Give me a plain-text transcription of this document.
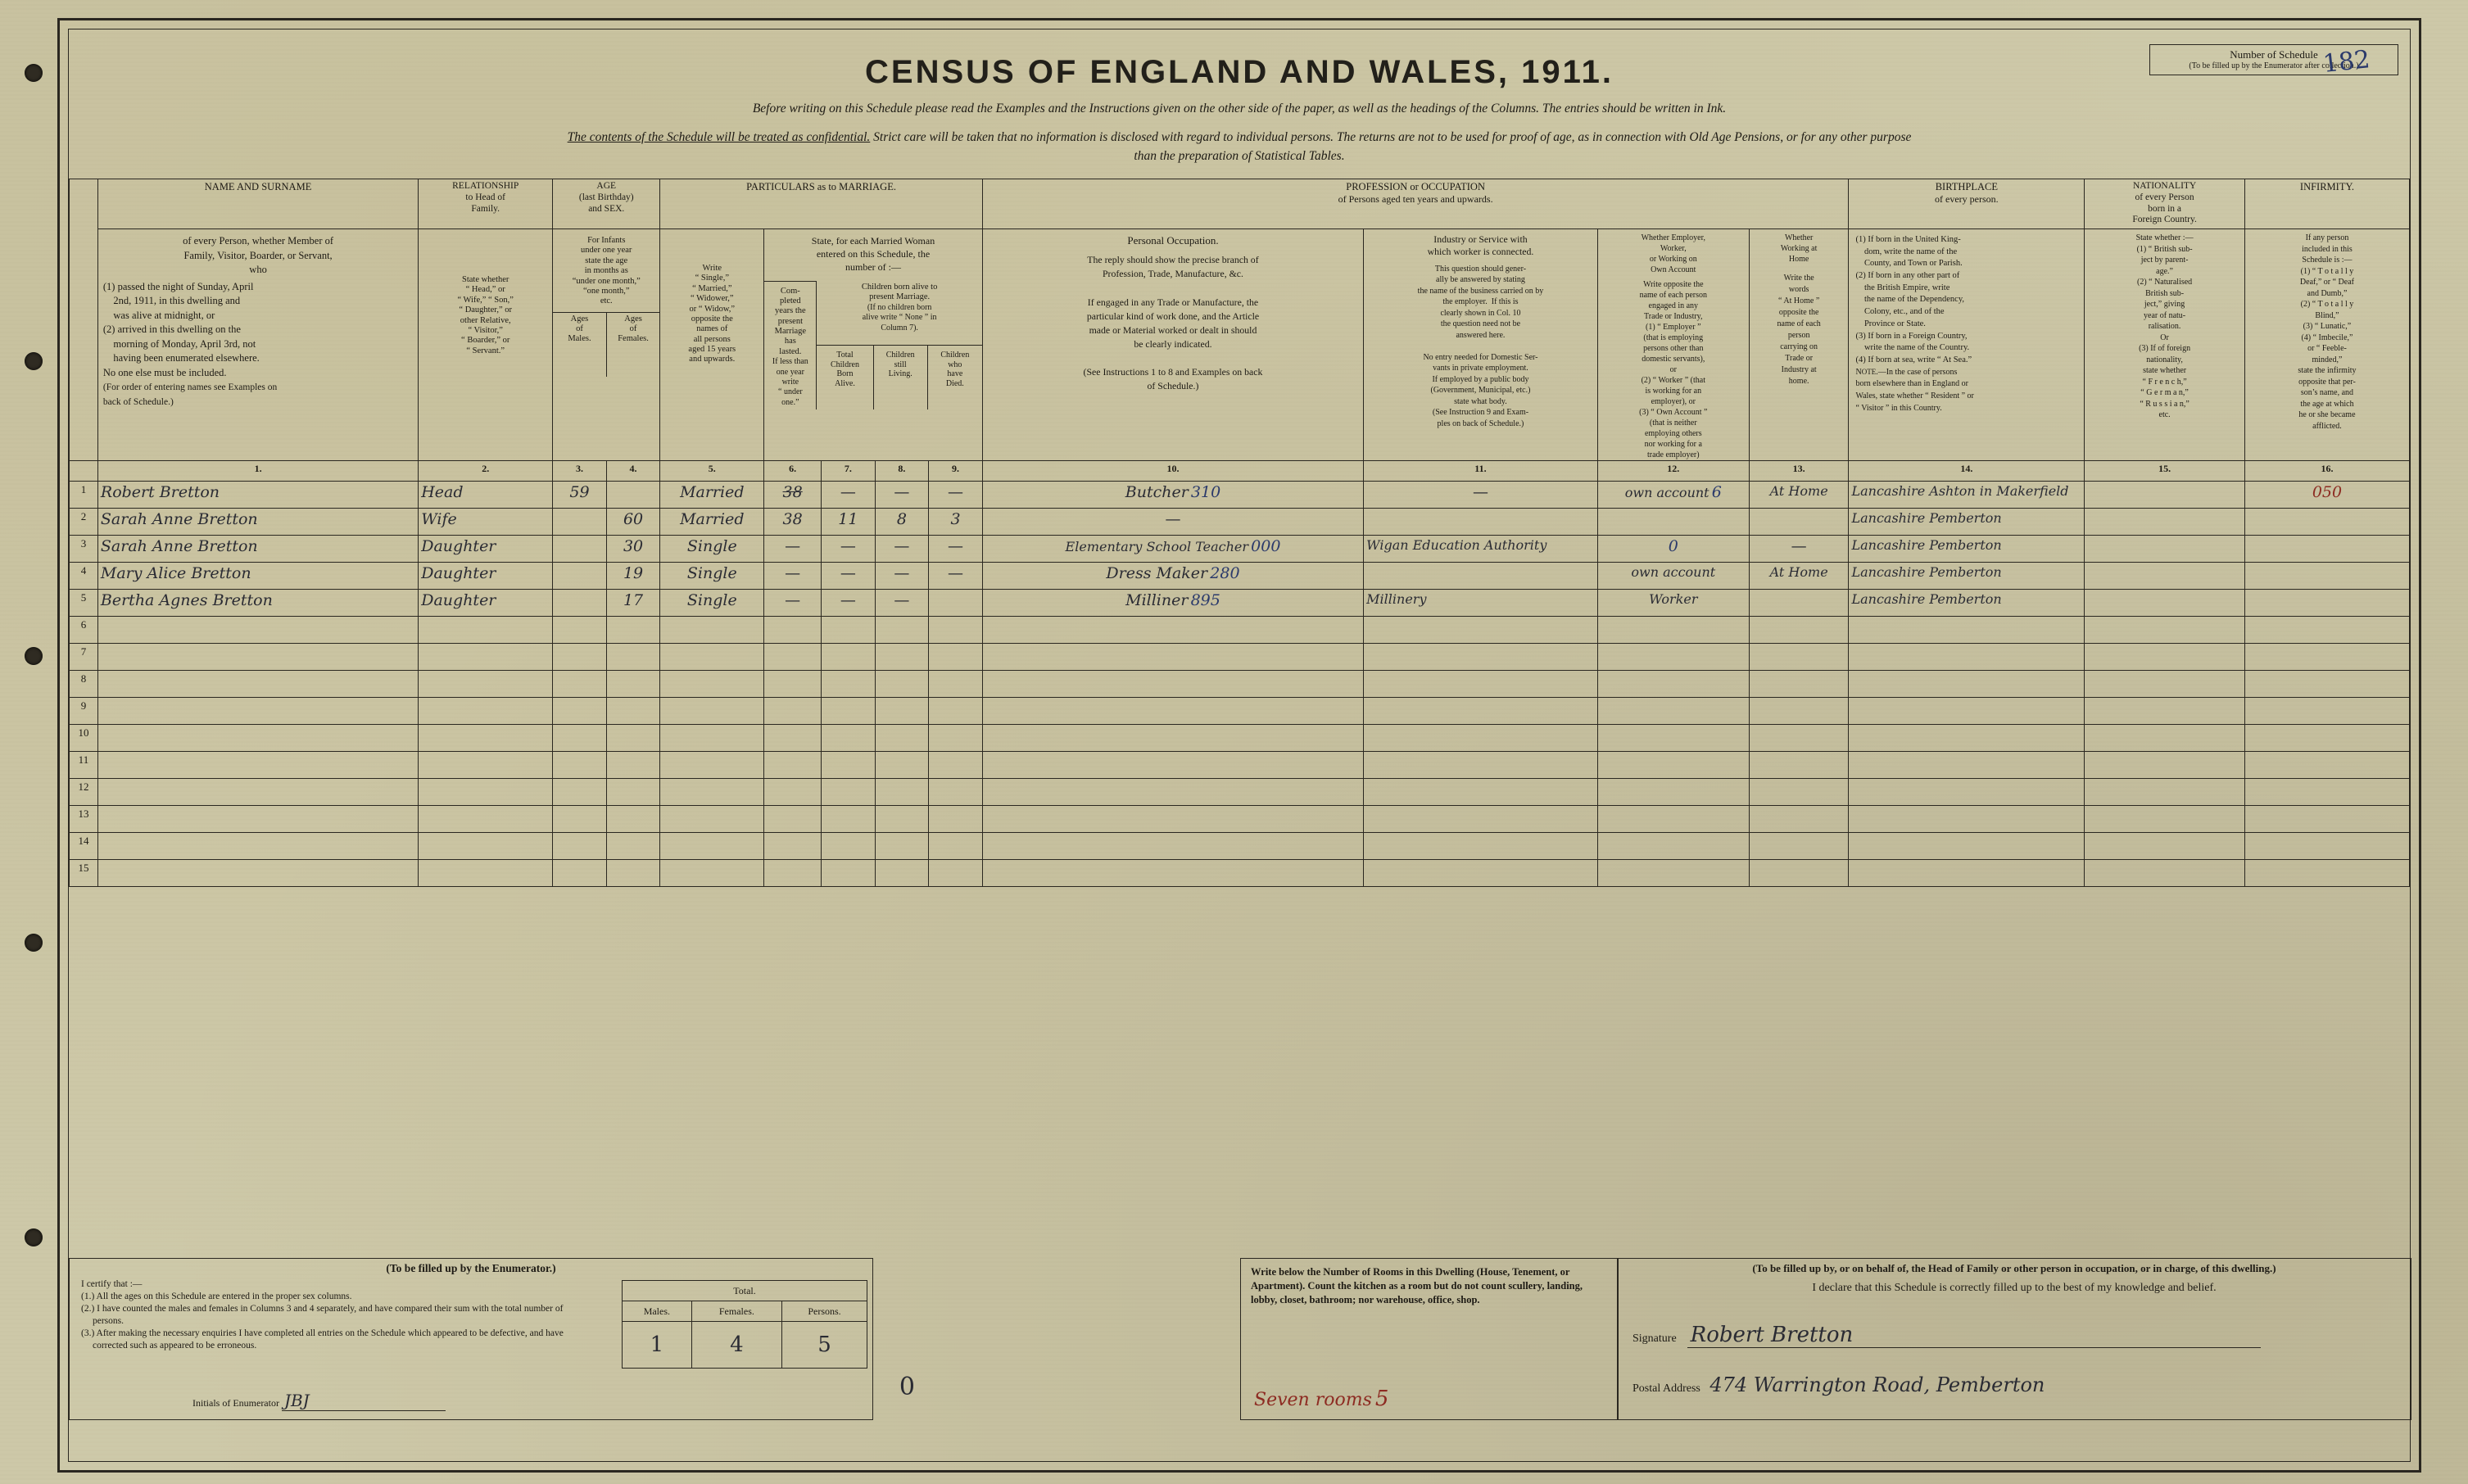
CENSUS OF ENGLAND AND WALES, 1911.
Before writing on this Schedule please read the Examples and the Instructions given on the other side of the paper, as well as the headings of the Columns. The entries should be written in Ink.
The contents of the Schedule will be treated as confidential. Strict care will be taken that no information is disclosed with regard to individual persons. The returns are not to be used for proof of age, as in connection with Old Age Pensions, or for any other purpose
than the preparation of Statistical Tables.
Number of Schedule
(To be filled up by the Enumerator after collection.)
182
	NAME AND SURNAME	RELATIONSHIP
to Head of
Family.	AGE
(last Birthday)
and SEX.	PARTICULARS as to MARRIAGE.	PROFESSION or OCCUPATION
of Persons aged ten years and upwards.	BIRTHPLACE
of every person.	NATIONALITY
of every Person
born in a
Foreign Country.	INFIRMITY.

of every Person, whether Member of
Family, Visitor, Boarder, or Servant,
who
(1) passed the night of Sunday, April
2nd, 1911, in this dwelling and
was alive at midnight, or
(2) arrived in this dwelling on the
morning of Monday, April 3rd, not
having been enumerated elsewhere.
No one else must be included.
(For order of entering names see Examples on
back of Schedule.)
	State whether
“ Head,” or
“ Wife,” “ Son,”
“ Daughter,” or
other Relative,
“ Visitor,”
“ Boarder,” or
“ Servant.”	
For Infants
under one year
state the age
in months as
“under one month,”
“one month,”
etc.
Ages
of
Males.	Ages
of
Females.
	Write
“ Single,”
“ Married,”
“ Widower,”
or “ Widow,”
opposite the
names of
all persons
aged 15 years
and upwards.	
State, for each Married Woman
entered on this Schedule, the
number of :—
Com-
pleted
years the
present
Marriage
has
lasted.
If less than
one year
write
“ under
one.”	Children born alive to
present Marriage.
(If no children born
alive write “ None ” in
Column 7).
Total
Children
Born
Alive.	Children
still
Living.	Children
who
have
Died.

Personal Occupation.
The reply should show the precise branch of
Profession, Trade, Manufacture, &c.

If engaged in any Trade or Manufacture, the
particular kind of work done, and the Article
made or Material worked or dealt in should
be clearly indicated.

(See Instructions 1 to 8 and Examples on back
of Schedule.)

Industry or Service with
which worker is connected.
This question should gener-
ally be answered by stating
the name of the business carried on by
the employer.  If this is
clearly shown in Col. 10
the question need not be
answered here.

No entry needed for Domestic Ser-
vants in private employment.
If employed by a public body
(Government, Municipal, etc.)
state what body.
(See Instruction 9 and Exam-
ples on back of Schedule.)

Whether Employer,
Worker,
or Working on
Own Account
Write opposite the
name of each person
engaged in any
Trade or Industry,
(1) “ Employer ”
(that is employing
persons other than
domestic servants),
or
(2) “ Worker ” (that
is working for an
employer), or
(3) “ Own Account ”
(that is neither
employing others
nor working for a
trade employer)

Whether
Working at
Home
Write the
words
“ At Home ”
opposite the
name of each
person
carrying on
Trade or
Industry at
home.
	(1) If born in the United King-
dom, write the name of the
County, and Town or Parish.
(2) If born in any other part of
the British Empire, write
the name of the Dependency,
Colony, etc., and of the
Province or State.
(3) If born in a Foreign Country,
write the name of the Country.
(4) If born at sea, write “ At Sea.”
NOTE.—In the case of persons
born elsewhere than in England or
Wales, state whether “ Resident ” or
“ Visitor ” in this Country.	State whether :—
(1) “ British sub-
ject by parent-
age.”
(2) “ Naturalised
British sub-
ject,” giving
year of natu-
ralisation.
Or
(3) If of foreign
nationality,
state whether
“ F r e n c h,”
“ G e r m a n,”
“ R u s s i a n,”
etc.	If any person
included in this
Schedule is :—
(1) “ T o t a l l y
Deaf,” or “ Deaf
and Dumb,”
(2) “ T o t a l l y
Blind,”
(3) “ Lunatic,”
(4) “ Imbecile,”
or “ Feeble-
minded,”
state the infirmity
opposite that per-
son’s name, and
the age at which
he or she became
afflicted.
	1.	2.	3.	4.	5.	6.	7.	8.	9.	10.	11.	12.	13.	14.	15.	16.
1	Robert Bretton	Head	59		Married	38	—	—	—	Butcher 310	—	own account 6	At Home	Lancashire Ashton in Makerfield		050
2	Sarah Anne Bretton	Wife		60	Married	38	11	8	3	—				Lancashire Pemberton		
3	Sarah Anne Bretton	Daughter		30	Single	—	—	—	—	Elementary School Teacher 000	Wigan Education Authority	0	—	Lancashire Pemberton		
4	Mary Alice Bretton	Daughter		19	Single	—	—	—	—	Dress Maker 280		own account	At Home	Lancashire Pemberton		
5	Bertha Agnes Bretton	Daughter		17	Single	—	—	—		Milliner 895	Millinery	Worker		Lancashire Pemberton		
6																
7																
8																
9																
10																
11																
12																
13																
14																
15																
(To be filled up by the Enumerator.)
I certify that :—
(1.) All the ages on this Schedule are entered in the proper sex columns.
(2.) I have counted the males and females in Columns 3 and 4 separately, and have compared their sum with the total number of persons.
(3.) After making the necessary enquiries I have completed all entries on the Schedule which appeared to be defective, and have corrected such as appeared to be erroneous.
Initials of Enumerator JBJ
Total.		
Males.	Females.	Persons.
1	4	5
0
Write below the Number of Rooms in this Dwelling (House, Tenement, or Apartment). Count the kitchen as a room but do not count scullery, landing, lobby, closet, bathroom; nor warehouse, office, shop.
Seven rooms 5
(To be filled up by, or on behalf of, the Head of Family or other person in occupation, or in charge, of this dwelling.)
I declare that this Schedule is correctly filled up to the best of my knowledge and belief.
Signature Robert Bretton
Postal Address 474 Warrington Road, Pemberton
